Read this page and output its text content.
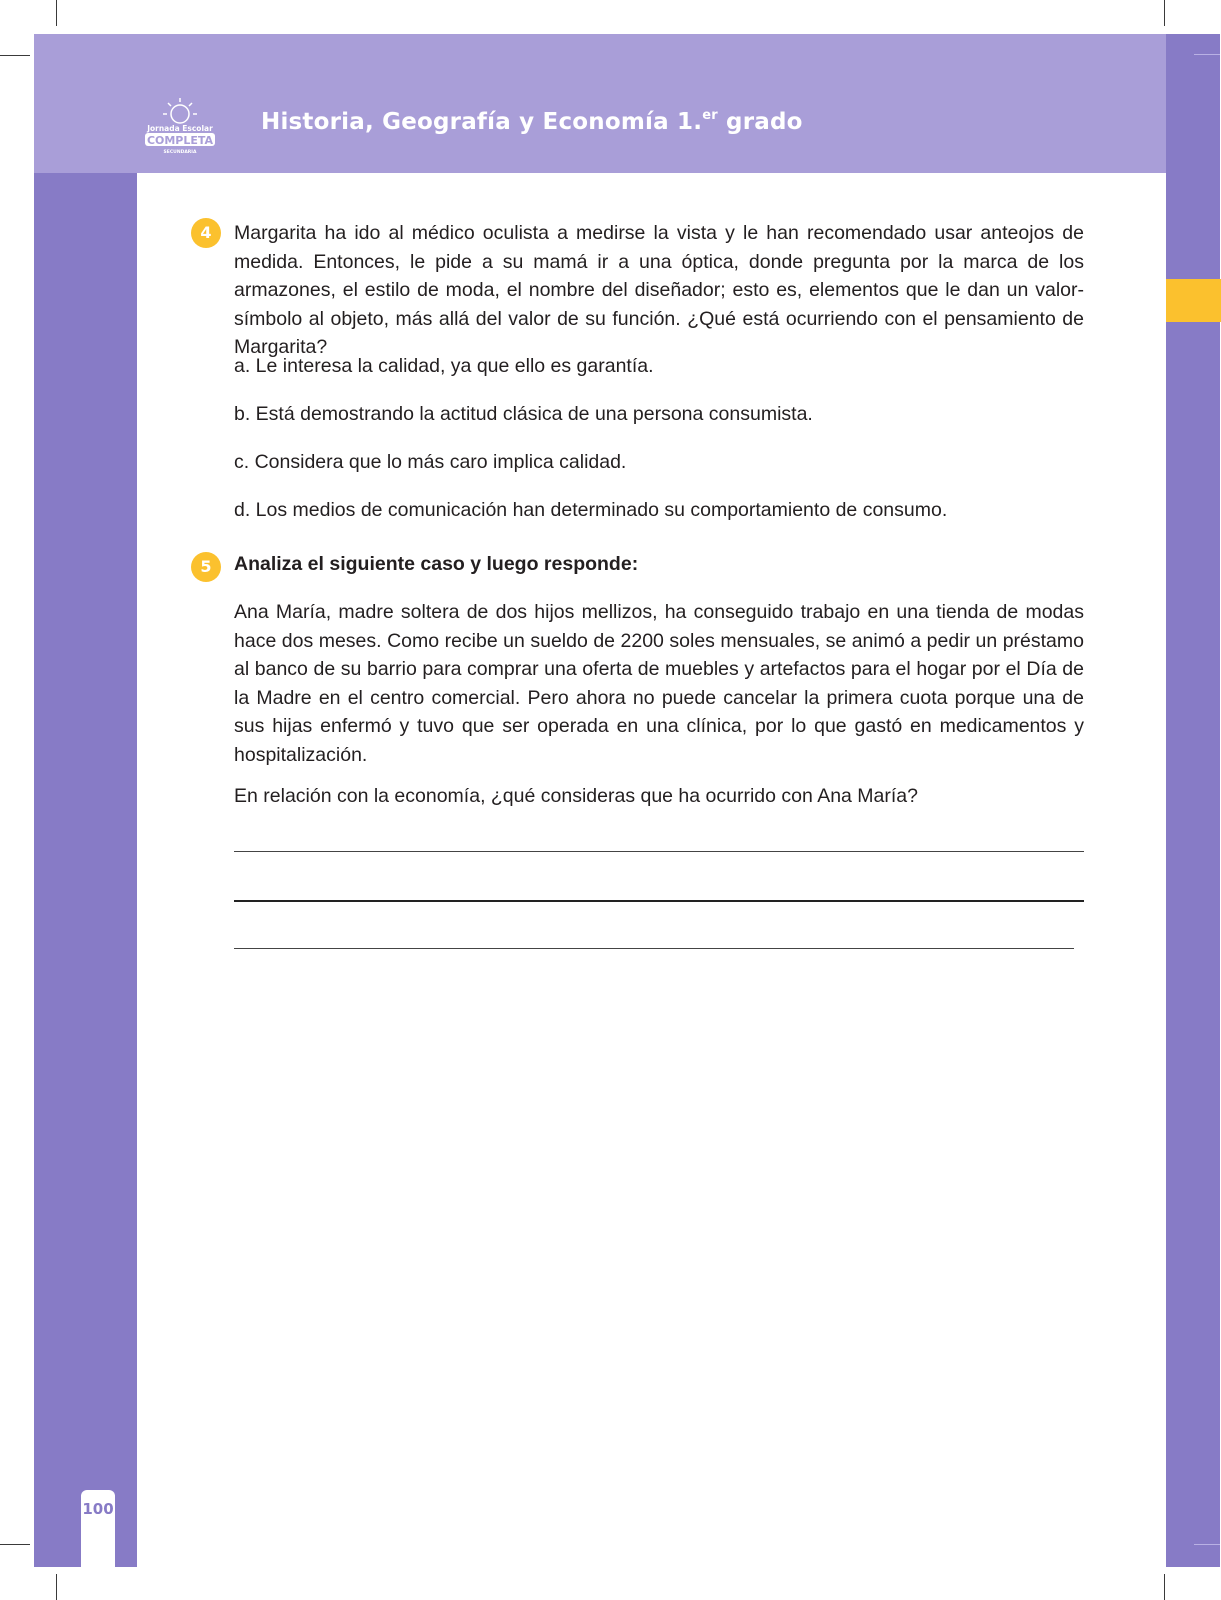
Jornada Escolar
COMPLETA
SECUNDARIA
Historia, Geografía y Economía 1.$^{er}$ grado
4	Margarita ha ido al médico oculista a medirse la vista y le han recomendado usar anteojos de medida. Entonces, le pide a su mamá ir a una óptica, donde pregunta por la marca de los armazones, el estilo de moda, el nombre del diseñador; esto es, elementos que le dan un valor-símbolo al objeto, más allá del valor de su función. ¿Qué está ocurriendo con el pensamiento de Margarita?
a. Le interesa la calidad, ya que ello es garantía.
b. Está demostrando la actitud clásica de una persona consumista.
c. Considera que lo más caro implica calidad.
d. Los medios de comunicación han determinado su comportamiento de consumo.
5	Analiza el siguiente caso y luego responde:
Ana María, madre soltera de dos hijos mellizos, ha conseguido trabajo en una tienda de modas hace dos meses. Como recibe un sueldo de 2200 soles mensuales, se animó a pedir un préstamo al banco de su barrio para comprar una oferta de muebles y artefactos para el hogar por el Día de la Madre en el centro comercial. Pero ahora no puede cancelar la primera cuota porque una de sus hijas enfermó y tuvo que ser operada en una clínica, por lo que gastó en medicamentos y hospitalización.
En relación con la economía, ¿qué consideras que ha ocurrido con Ana María?
100
